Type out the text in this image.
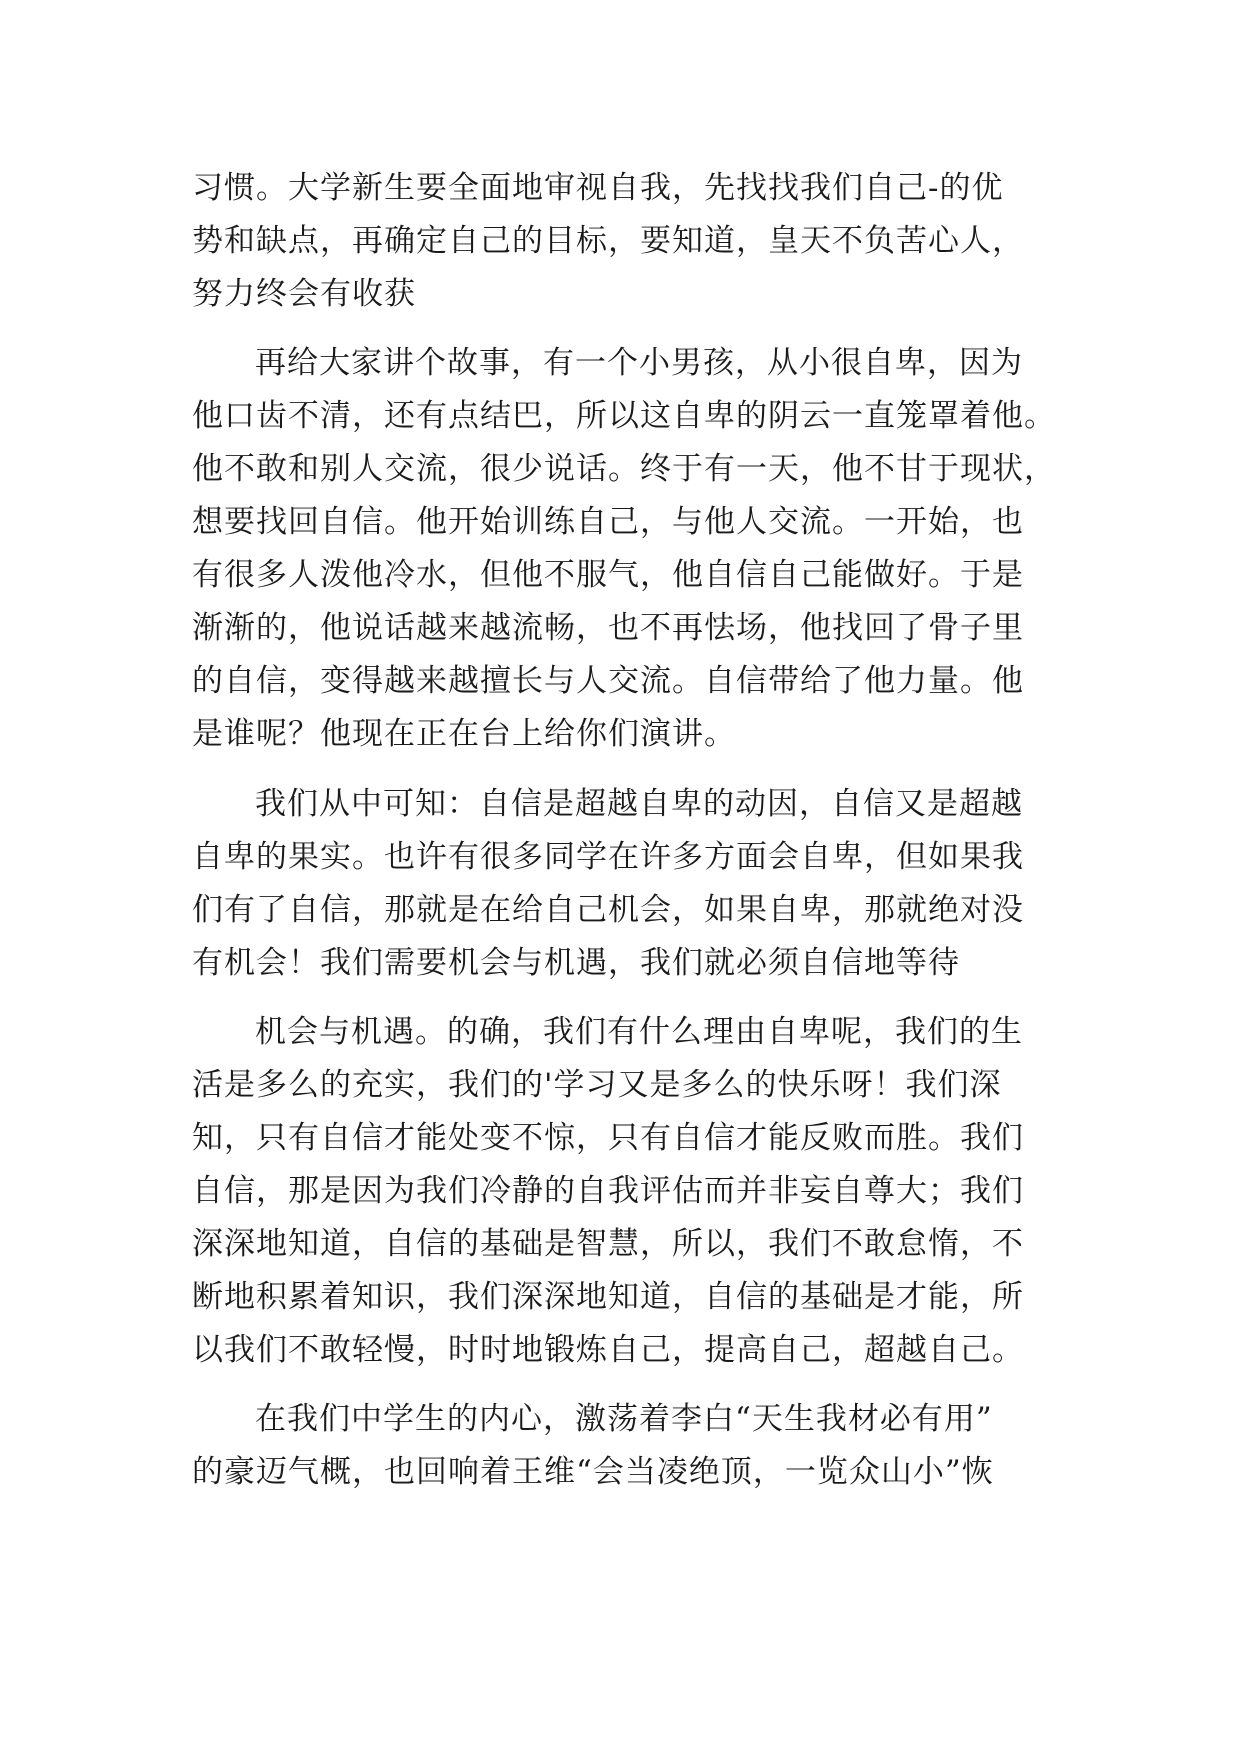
习惯。大学新生要全面地审视自我，先找找我们自己-的优
势和缺点，再确定自己的目标，要知道，皇天不负苦心人，
努力终会有收获
再给大家讲个故事，有一个小男孩，从小很自卑，因为
他口齿不清，还有点结巴，所以这自卑的阴云一直笼罩着他。
他不敢和别人交流，很少说话。终于有一天，他不甘于现状，
想要找回自信。他开始训练自己，与他人交流。一开始，也
有很多人泼他冷水，但他不服气，他自信自己能做好。于是
渐渐的，他说话越来越流畅，也不再怯场，他找回了骨子里
的自信，变得越来越擅长与人交流。自信带给了他力量。他
是谁呢？他现在正在台上给你们演讲。
我们从中可知：自信是超越自卑的动因，自信又是超越
自卑的果实。也许有很多同学在许多方面会自卑，但如果我
们有了自信，那就是在给自己机会，如果自卑，那就绝对没
有机会！我们需要机会与机遇，我们就必须自信地等待
机会与机遇。的确，我们有什么理由自卑呢，我们的生
活是多么的充实，我们的'学习又是多么的快乐呀！我们深
知，只有自信才能处变不惊，只有自信才能反败而胜。我们
自信，那是因为我们冷静的自我评估而并非妄自尊大；我们
深深地知道，自信的基础是智慧，所以，我们不敢怠惰，不
断地积累着知识，我们深深地知道，自信的基础是才能，所
以我们不敢轻慢，时时地锻炼自己，提高自己，超越自己。
在我们中学生的内心，激荡着李白“天生我材必有用”
的豪迈气概，也回响着王维“会当凌绝顶，一览众山小”恢
